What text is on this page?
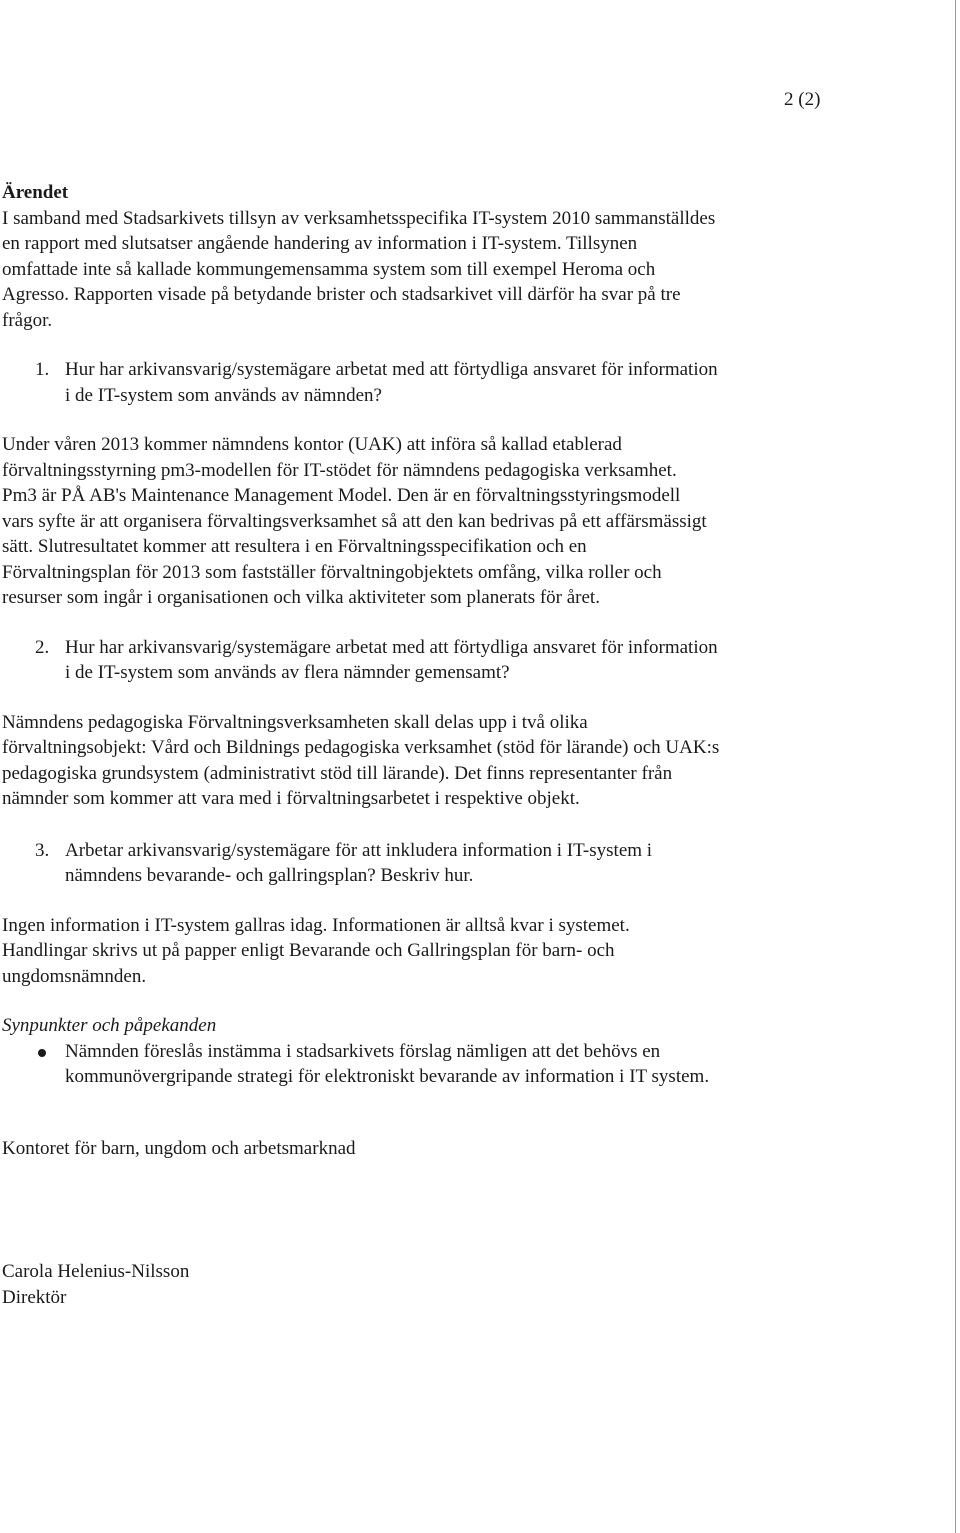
2 (2)

Ärendet

I samband med Stadsarkivets tillsyn av verksamhetsspecifika IT-system 2010 sammanställdes

en rapport med slutsatser angående handering av information i IT-system. Tillsynen

omfattade inte så kallade kommungemensamma system som till exempel Heroma och

Agresso. Rapporten visade på betydande brister och stadsarkivet vill därför ha svar på tre

frågor.

1. Hur har arkivansvarig/systemägare arbetat med att förtydliga ansvaret för information

i de IT-system som används av nämnden?

Under våren 2013 kommer nämndens kontor (UAK) att införa så kallad etablerad

förvaltningsstyrning pm3-modellen för IT-stödet för nämndens pedagogiska verksamhet.

Pm3 är PÅ AB's Maintenance Management Model. Den är en förvaltningsstyringsmodell

vars syfte är att organisera förvaltingsverksamhet så att den kan bedrivas på ett affärsmässigt

sätt. Slutresultatet kommer att resultera i en Förvaltningsspecifikation och en

Förvaltningsplan för 2013 som fastställer förvaltningobjektets omfång, vilka roller och

resurser som ingår i organisationen och vilka aktiviteter som planerats för året.

2. Hur har arkivansvarig/systemägare arbetat med att förtydliga ansvaret för information

i de IT-system som används av flera nämnder gemensamt?

Nämndens pedagogiska Förvaltningsverksamheten skall delas upp i två olika

förvaltningsobjekt: Vård och Bildnings pedagogiska verksamhet (stöd för lärande) och UAK:s

pedagogiska grundsystem (administrativt stöd till lärande). Det finns representanter från

nämnder som kommer att vara med i förvaltningsarbetet i respektive objekt.

3. Arbetar arkivansvarig/systemägare för att inkludera information i IT-system i

nämndens bevarande- och gallringsplan? Beskriv hur.

Ingen information i IT-system gallras idag. Informationen är alltså kvar i systemet.

Handlingar skrivs ut på papper enligt Bevarande och Gallringsplan för barn- och

ungdomsnämnden.

Synpunkter och påpekanden

Nämnden föreslås instämma i stadsarkivets förslag nämligen att det behövs en

kommunövergripande strategi för elektroniskt bevarande av information i IT system.

Kontoret för barn, ungdom och arbetsmarknad

Carola Helenius-Nilsson

Direktör
